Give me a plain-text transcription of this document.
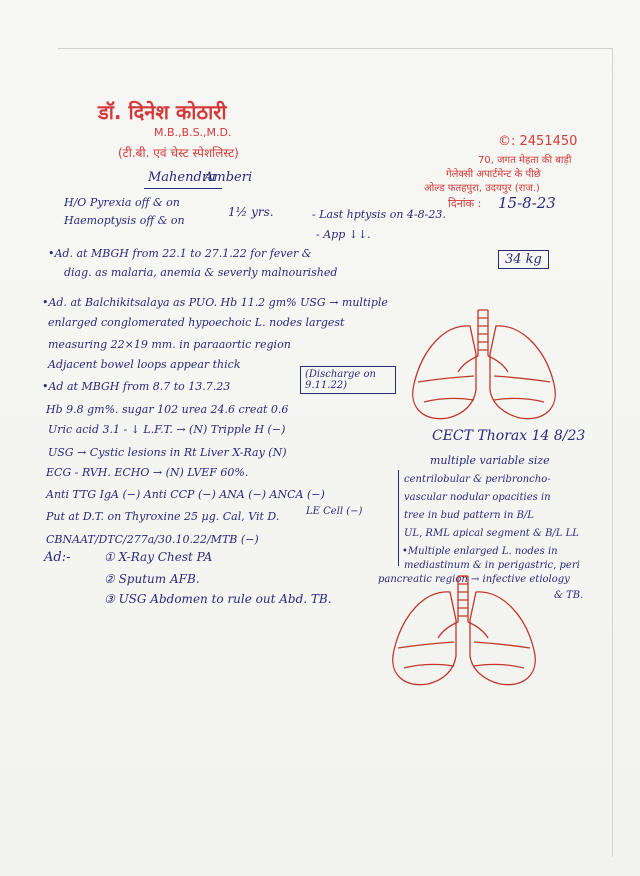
डॉ. दिनेश कोठारी
M.B.,B.S.,M.D.
(टी.बी. एवं चेस्ट स्पेशलिस्ट)
©: 2451450
70, जगत मेहता की बाड़ी
गेलेक्सी अपार्टमेन्ट के पीछे
ओल्ड फतहपुरा, उदयपुर (राज.)
दिनांक : 15-8-23
Mahendra
Amberi
H/O Pyrexia off & on
Haemoptysis off & on
1½ yrs.	- Last hptysis on 4-8-23.
- App ↓↓.
34 kg
•Ad. at MBGH from 22.1 to 27.1.22 for fever &
diag. as malaria, anemia & severly malnourished
•Ad. at Balchikitsalaya as PUO. Hb 11.2 gm% USG → multiple
enlarged conglomerated hypoechoic L. nodes largest
measuring 22×19 mm. in paraaortic region
Adjacent bowel loops appear thick
(Discharge on 9.11.22)
•Ad at MBGH from 8.7 to 13.7.23
Hb 9.8 gm%. sugar 102 urea 24.6 creat 0.6
Uric acid 3.1 - ↓ L.F.T. → (N) Tripple H (−)
USG → Cystic lesions in Rt Liver X-Ray (N)
ECG - RVH. ECHO → (N) LVEF 60%.
Anti TTG IgA (−) Anti CCP (−) ANA (−) ANCA (−)
LE Cell (−)
Put at D.T. on Thyroxine 25 µg. Cal, Vit D.
CBNAAT/DTC/277a/30.10.22/MTB (−)
Ad:-	① X-Ray Chest PA
② Sputum AFB.
③ USG Abdomen to rule out Abd. TB.
CECT Thorax 14 8/23
multiple variable size
centrilobular & peribroncho-
vascular nodular opacities in
tree in bud pattern in B/L
UL, RML apical segment & B/L LL
•Multiple enlarged L. nodes in
mediastinum & in perigastric, peri
pancreatic region → infective etiology
& TB.
